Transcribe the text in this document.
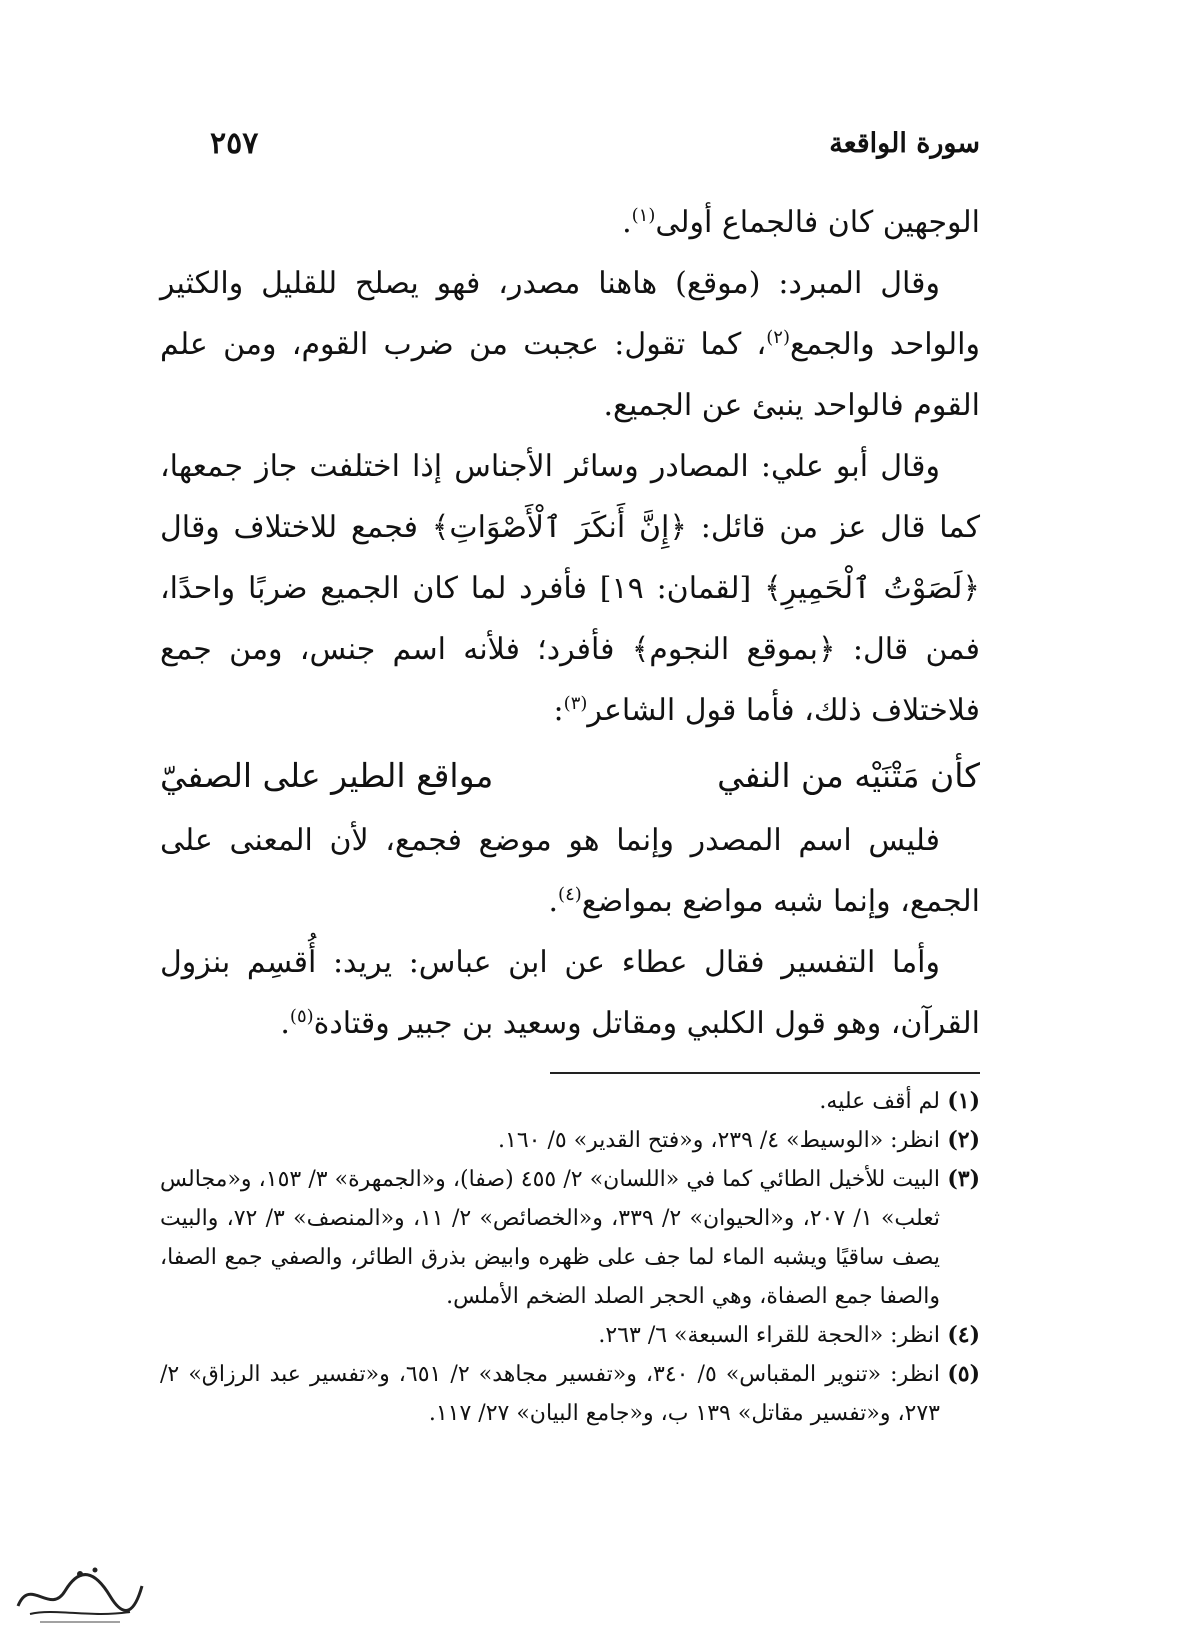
سورة الواقعة
٢٥٧

الوجهين كان فالجماع أولى$^{(١)}$.

وقال المبرد: (موقع) هاهنا مصدر، فهو يصلح للقليل والكثير والواحد والجمع$^{(٢)}$، كما تقول: عجبت من ضرب القوم، ومن علم القوم فالواحد ينبئ عن الجميع.

وقال أبو علي: المصادر وسائر الأجناس إذا اختلفت جاز جمعها، كما قال عز من قائل: ﴿إِنَّ أَنكَرَ ٱلْأَصْوَاتِ﴾ فجمع للاختلاف وقال ﴿لَصَوْتُ ٱلْحَمِيرِ﴾ [لقمان: ١٩] فأفرد لما كان الجميع ضربًا واحدًا، فمن قال: ﴿بموقع النجوم﴾ فأفرد؛ فلأنه اسم جنس، ومن جمع فلاختلاف ذلك، فأما قول الشاعر$^{(٣)}$:

كأن مَتْنَيْه من النفي
مواقع الطير على الصفيّ

فليس اسم المصدر وإنما هو موضع فجمع، لأن المعنى على الجمع، وإنما شبه مواضع بمواضع$^{(٤)}$.

وأما التفسير فقال عطاء عن ابن عباس: يريد: أُقسِم بنزول القرآن، وهو قول الكلبي ومقاتل وسعيد بن جبير وقتادة$^{(٥)}$.

(١)
لم أقف عليه.
(٢)
انظر: «الوسيط» ٤/ ٢٣٩، و«فتح القدير» ٥/ ١٦٠.
(٣)
البيت للأخيل الطائي كما في «اللسان» ٢/ ٤٥٥ (صفا)، و«الجمهرة» ٣/ ١٥٣، و«مجالس ثعلب» ١/ ٢٠٧، و«الحيوان» ٢/ ٣٣٩، و«الخصائص» ٢/ ١١، و«المنصف» ٣/ ٧٢، والبيت يصف ساقيًا ويشبه الماء لما جف على ظهره وابيض بذرق الطائر، والصفي جمع الصفا، والصفا جمع الصفاة، وهي الحجر الصلد الضخم الأملس.
(٤)
انظر: «الحجة للقراء السبعة» ٦/ ٢٦٣.
(٥)
انظر: «تنوير المقباس» ٥/ ٣٤٠، و«تفسير مجاهد» ٢/ ٦٥١، و«تفسير عبد الرزاق» ٢/ ٢٧٣، و«تفسير مقاتل» ١٣٩ ب، و«جامع البيان» ٢٧/ ١١٧.
